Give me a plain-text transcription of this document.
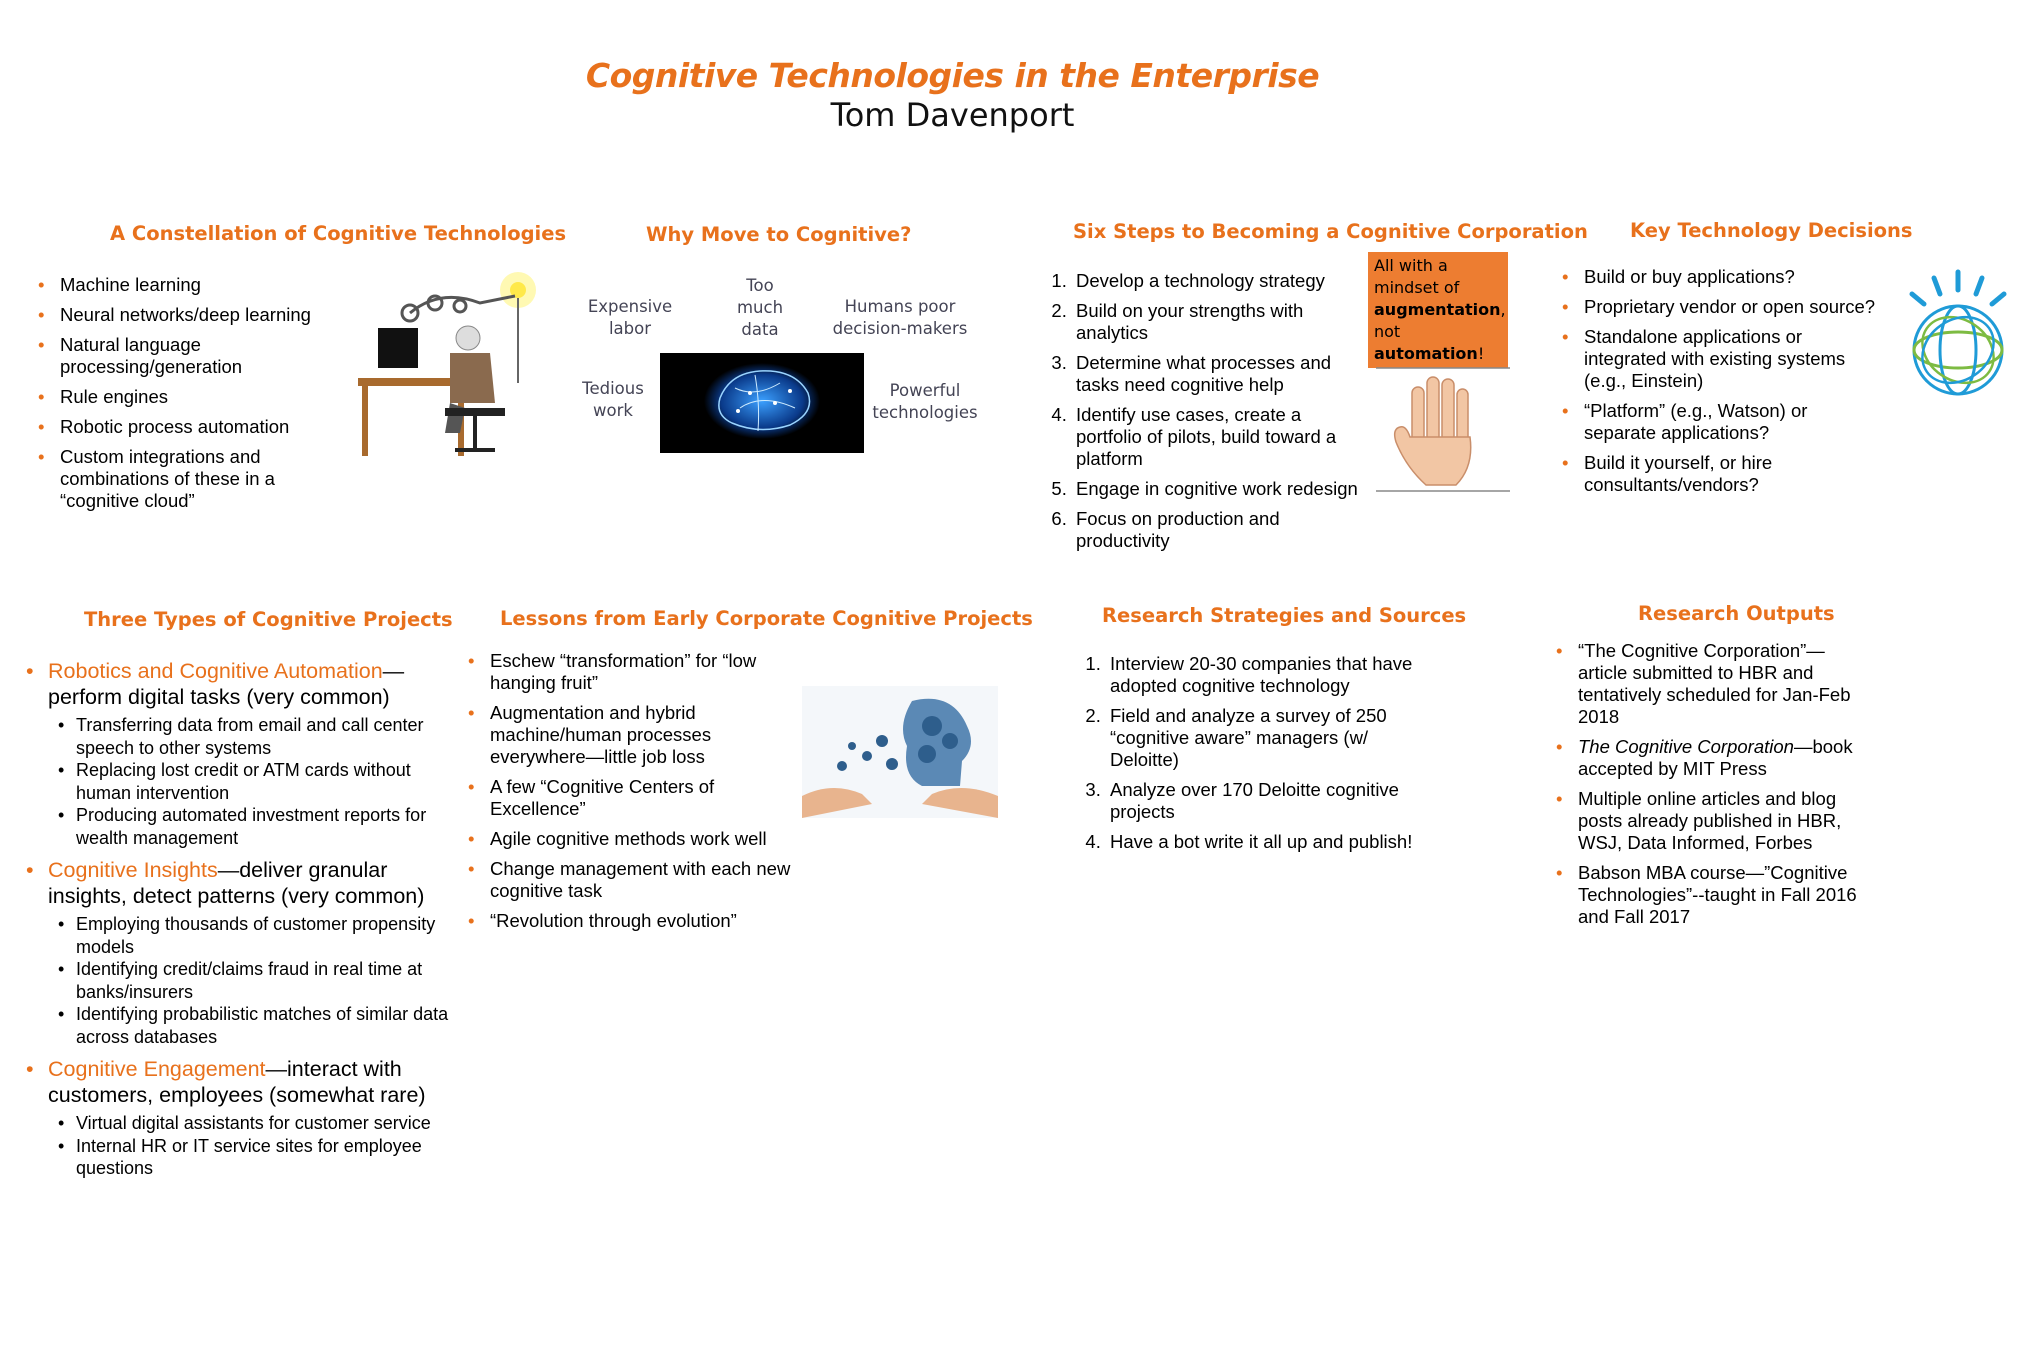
Cognitive Technologies in the Enterprise
Tom Davenport
A Constellation of Cognitive Technologies
• Machine learning
• Neural networks/deep learning
• Natural language processing/generation
• Rule engines
• Robotic process automation
• Custom integrations and combinations of these in a “cognitive cloud”
Why Move to Cognitive?
Expensive labor
Too much data
Humans poor decision-makers
Tedious work
Powerful technologies
Six Steps to Becoming a Cognitive Corporation
1. Develop a technology strategy
2. Build on your strengths with analytics
3. Determine what processes and tasks need cognitive help
4. Identify use cases, create a portfolio of pilots, build toward a platform
5. Engage in cognitive work redesign
6. Focus on production and productivity
All with a mindset of augmentation, not automation!
Key Technology Decisions
• Build or buy applications?
• Proprietary vendor or open source?
• Standalone applications or integrated with existing systems (e.g., Einstein)
• “Platform” (e.g., Watson) or separate applications?
• Build it yourself, or hire consultants/vendors?
Three Types of Cognitive Projects
• Robotics and Cognitive Automation—perform digital tasks (very common)
• Transferring data from email and call center speech to other systems
• Replacing lost credit or ATM cards without human intervention
• Producing automated investment reports for wealth management
• Cognitive Insights—deliver granular insights, detect patterns (very common)
• Employing thousands of customer propensity models
• Identifying credit/claims fraud in real time at banks/insurers
• Identifying probabilistic matches of similar data across databases
• Cognitive Engagement—interact with customers, employees (somewhat rare)
• Virtual digital assistants for customer service
• Internal HR or IT service sites for employee questions
Lessons from Early Corporate Cognitive Projects
• Eschew “transformation” for “low hanging fruit”
• Augmentation and hybrid machine/human processes everywhere—little job loss
• A few “Cognitive Centers of Excellence”
• Agile cognitive methods work well
• Change management with each new cognitive task
• “Revolution through evolution”
Research Strategies and Sources
1. Interview 20-30 companies that have adopted cognitive technology
2. Field and analyze a survey of 250 “cognitive aware” managers (w/ Deloitte)
3. Analyze over 170 Deloitte cognitive projects
4. Have a bot write it all up and publish!
Research Outputs
• “The Cognitive Corporation”—article submitted to HBR and tentatively scheduled for Jan-Feb 2018
• The Cognitive Corporation—book accepted by MIT Press
• Multiple online articles and blog posts already published in HBR, WSJ, Data Informed, Forbes
• Babson MBA course—”Cognitive Technologies”--taught in Fall 2016 and Fall 2017
